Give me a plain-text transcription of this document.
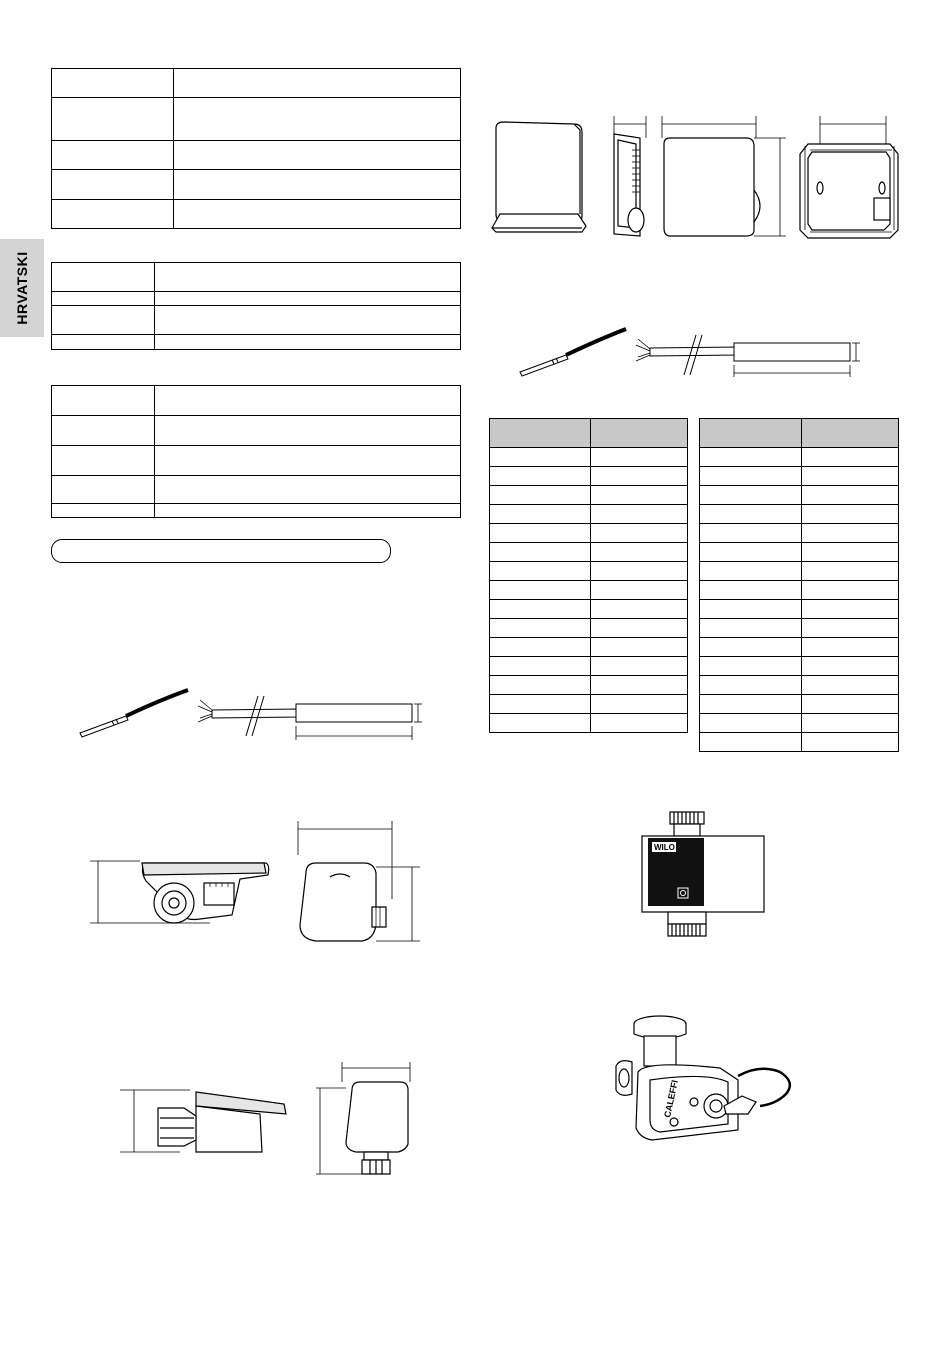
HRVATSKI

WILO
CALEFFI
